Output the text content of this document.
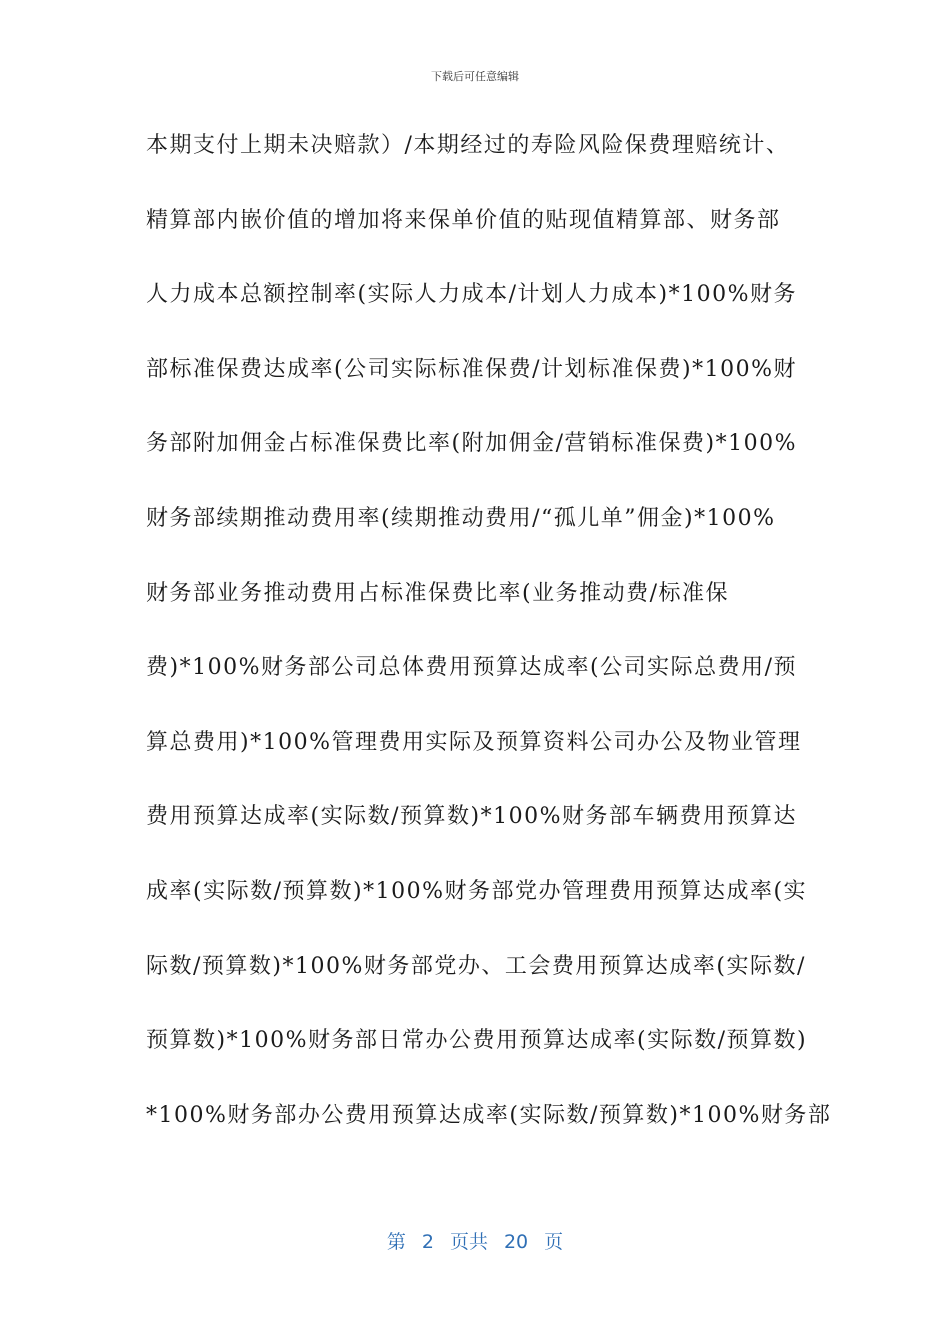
下载后可任意编辑
本期支付上期未决赔款）/本期经过的寿险风险保费理赔统计、
精算部内嵌价值的增加将来保单价值的贴现值精算部、财务部
人力成本总额控制率(实际人力成本/计划人力成本)*100%财务
部标准保费达成率(公司实际标准保费/计划标准保费)*100%财
务部附加佣金占标准保费比率(附加佣金/营销标准保费)*100%
财务部续期推动费用率(续期推动费用/“孤儿单”佣金)*100%
财务部业务推动费用占标准保费比率(业务推动费/标准保
费)*100%财务部公司总体费用预算达成率(公司实际总费用/预
算总费用)*100%管理费用实际及预算资料公司办公及物业管理
费用预算达成率(实际数/预算数)*100%财务部车辆费用预算达
成率(实际数/预算数)*100%财务部党办管理费用预算达成率(实
际数/预算数)*100%财务部党办、工会费用预算达成率(实际数/
预算数)*100%财务部日常办公费用预算达成率(实际数/预算数)
*100%财务部办公费用预算达成率(实际数/预算数)*100%财务部
第 2 页共 20 页
